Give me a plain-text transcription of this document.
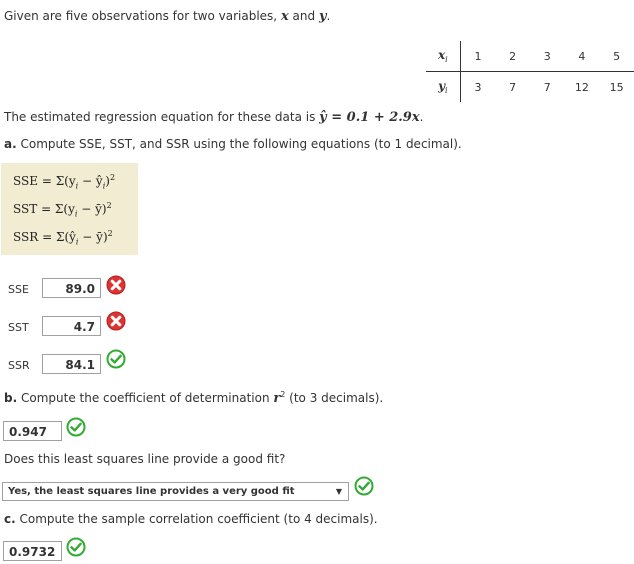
Given are five observations for two variables, x and y.
$x_i$	1	2	3	4	5
$y_i$	3	7	7	12	15
The estimated regression equation for these data is ŷ = 0.1 + 2.9x.
a. Compute SSE, SST, and SSR using the following equations (to 1 decimal).
SSE = $\Sigma(y_i$ − $ŷ_i)^2$
SST = $\Sigma(y_i$ − ȳ)$^2$
SSR = $\Sigma(ŷ_i$ − ȳ)$^2$
SSE	89.0
SST	4.7
SSR	84.1
b. Compute the coefficient of determination $r^2$ (to 3 decimals).
0.947
Does this least squares line provide a good fit?
Yes, the least squares line provides a very good fit	▼
c. Compute the sample correlation coefficient (to 4 decimals).
0.9732
